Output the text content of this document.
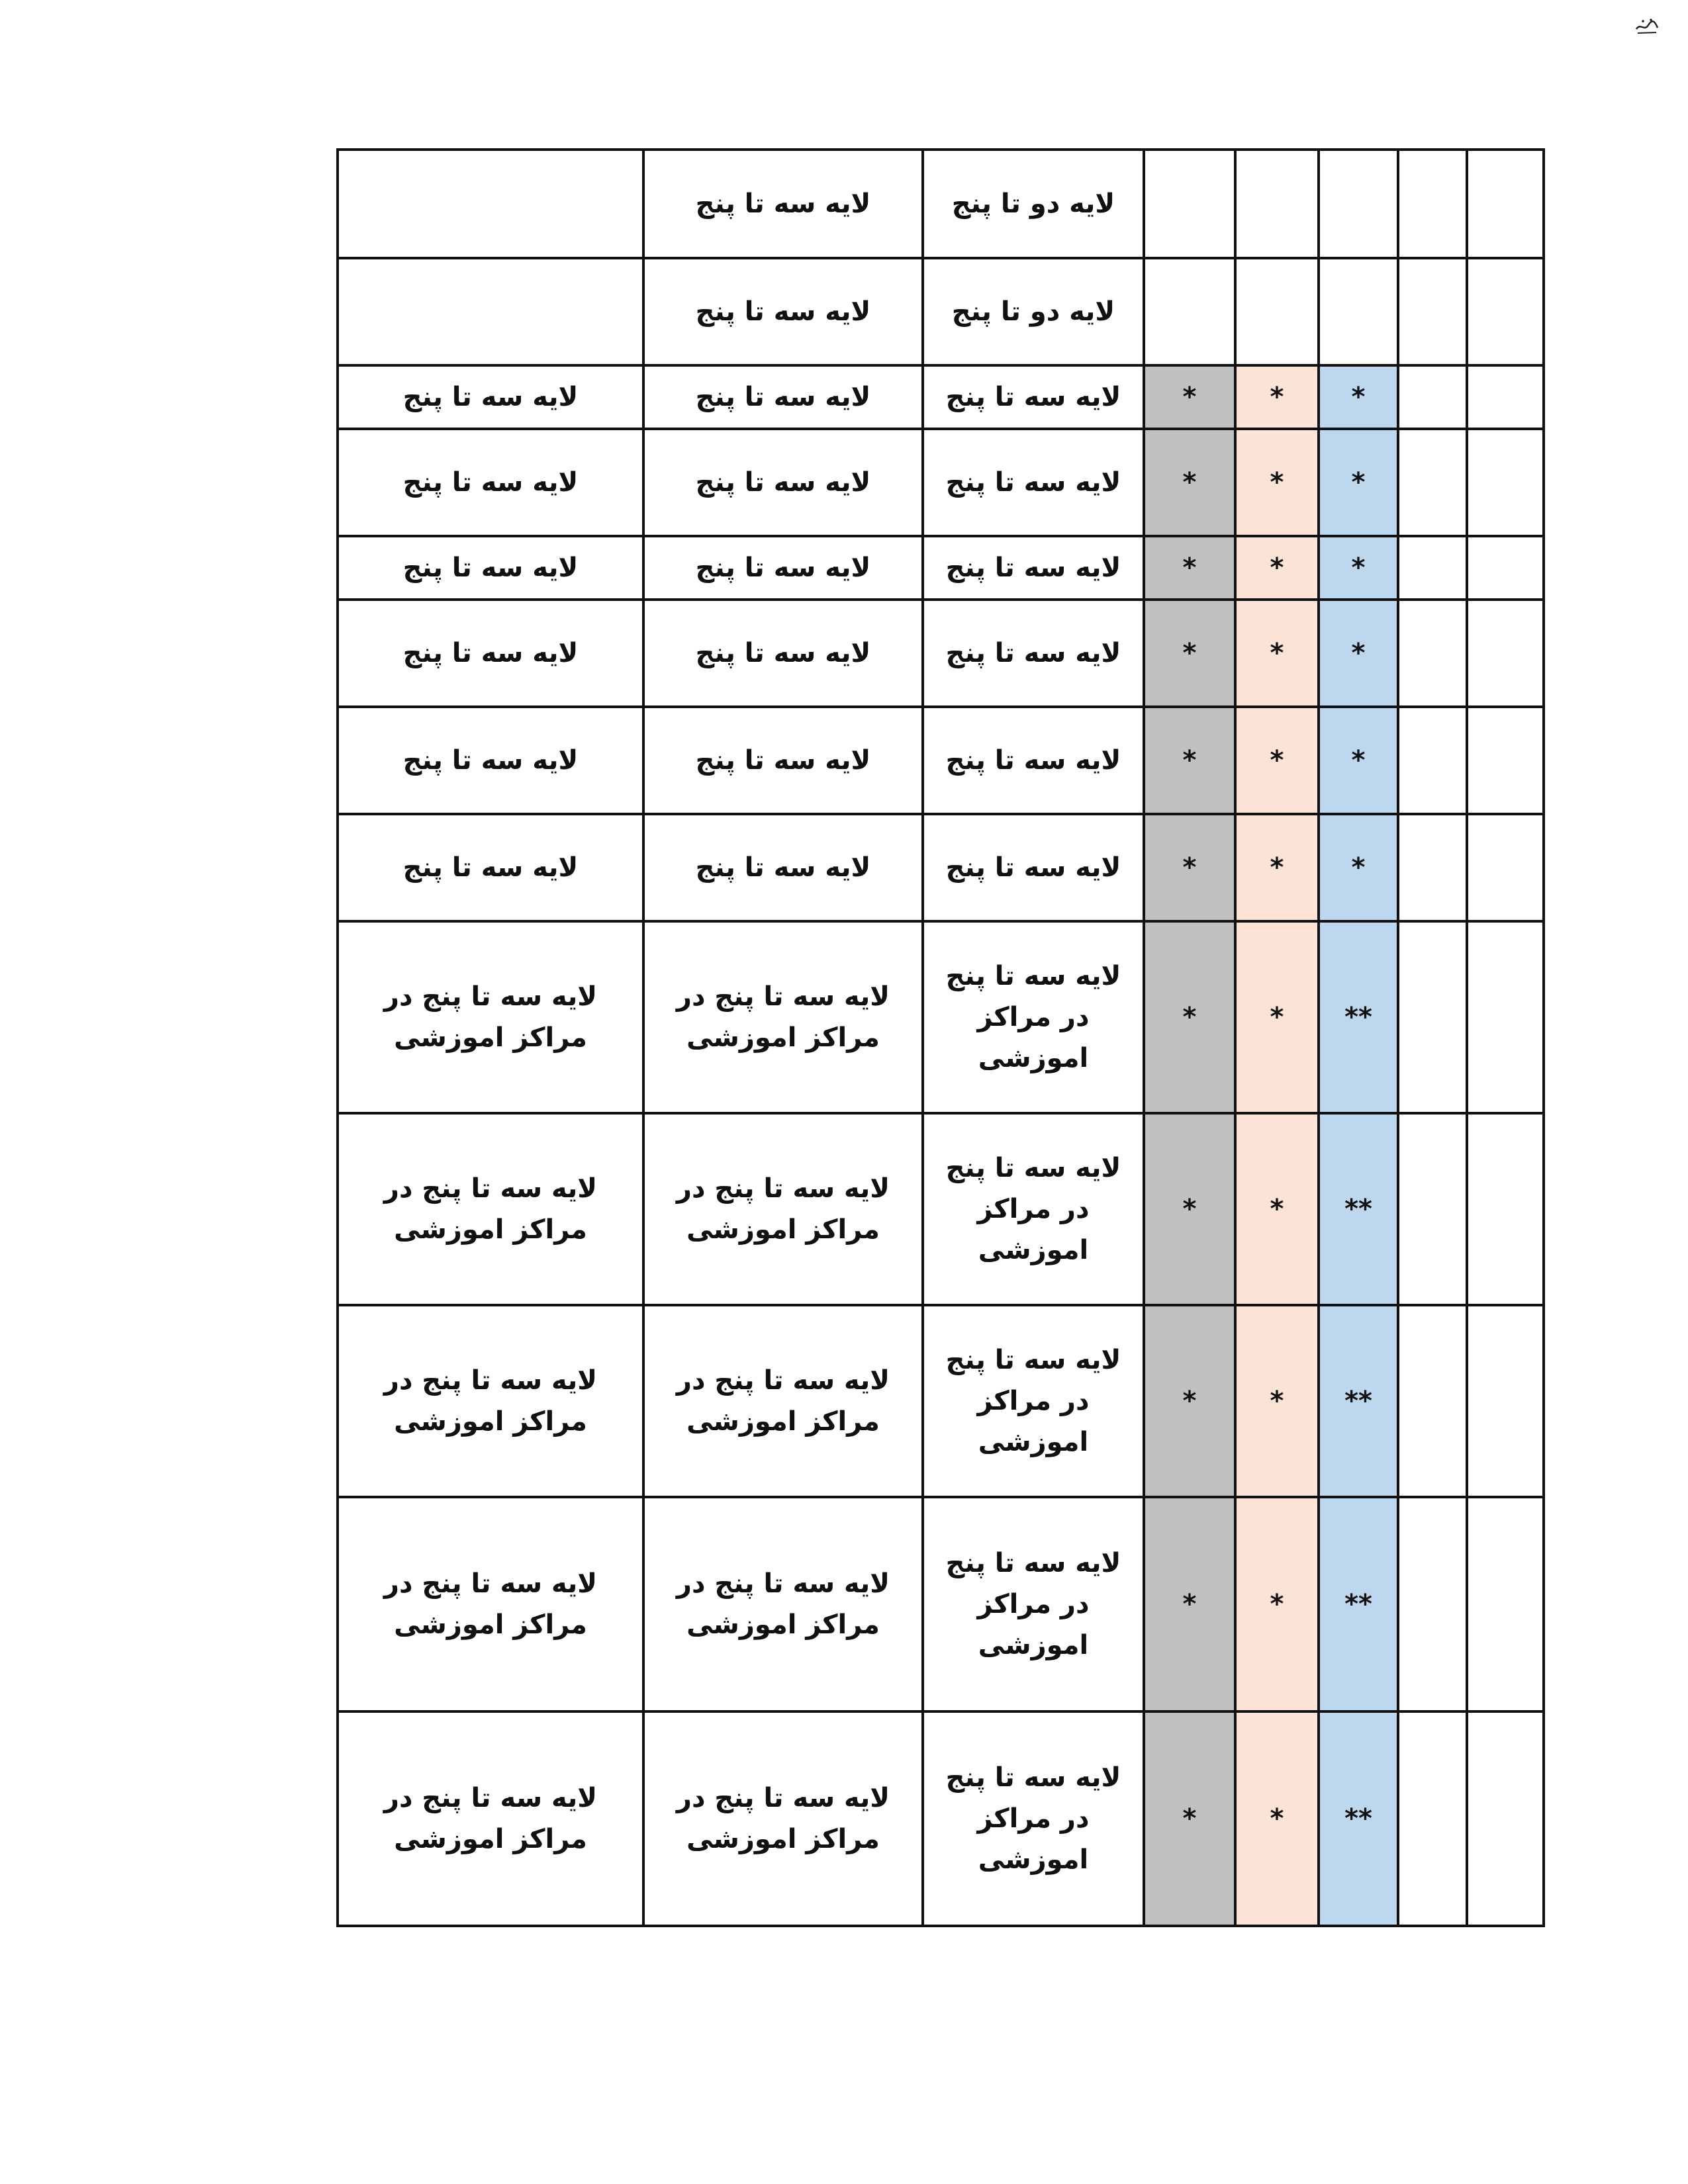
	لایه سه تا پنج	لایه دو تا پنج					
	لایه سه تا پنج	لایه دو تا پنج					
لایه سه تا پنج	لایه سه تا پنج	لایه سه تا پنج	*	*	*		
لایه سه تا پنج	لایه سه تا پنج	لایه سه تا پنج	*	*	*		
لایه سه تا پنج	لایه سه تا پنج	لایه سه تا پنج	*	*	*		
لایه سه تا پنج	لایه سه تا پنج	لایه سه تا پنج	*	*	*		
لایه سه تا پنج	لایه سه تا پنج	لایه سه تا پنج	*	*	*		
لایه سه تا پنج	لایه سه تا پنج	لایه سه تا پنج	*	*	*		
لایه سه تا پنج در مراکز اموزشی	لایه سه تا پنج در مراکز اموزشی	لایه سه تا پنج در مراکز اموزشی	*	*	**		
لایه سه تا پنج در مراکز اموزشی	لایه سه تا پنج در مراکز اموزشی	لایه سه تا پنج در مراکز اموزشی	*	*	**		
لایه سه تا پنج در مراکز اموزشی	لایه سه تا پنج در مراکز اموزشی	لایه سه تا پنج در مراکز اموزشی	*	*	**		
لایه سه تا پنج در مراکز اموزشی	لایه سه تا پنج در مراکز اموزشی	لایه سه تا پنج در مراکز اموزشی	*	*	**		
لایه سه تا پنج در مراکز اموزشی	لایه سه تا پنج در مراکز اموزشی	لایه سه تا پنج در مراکز اموزشی	*	*	**		
